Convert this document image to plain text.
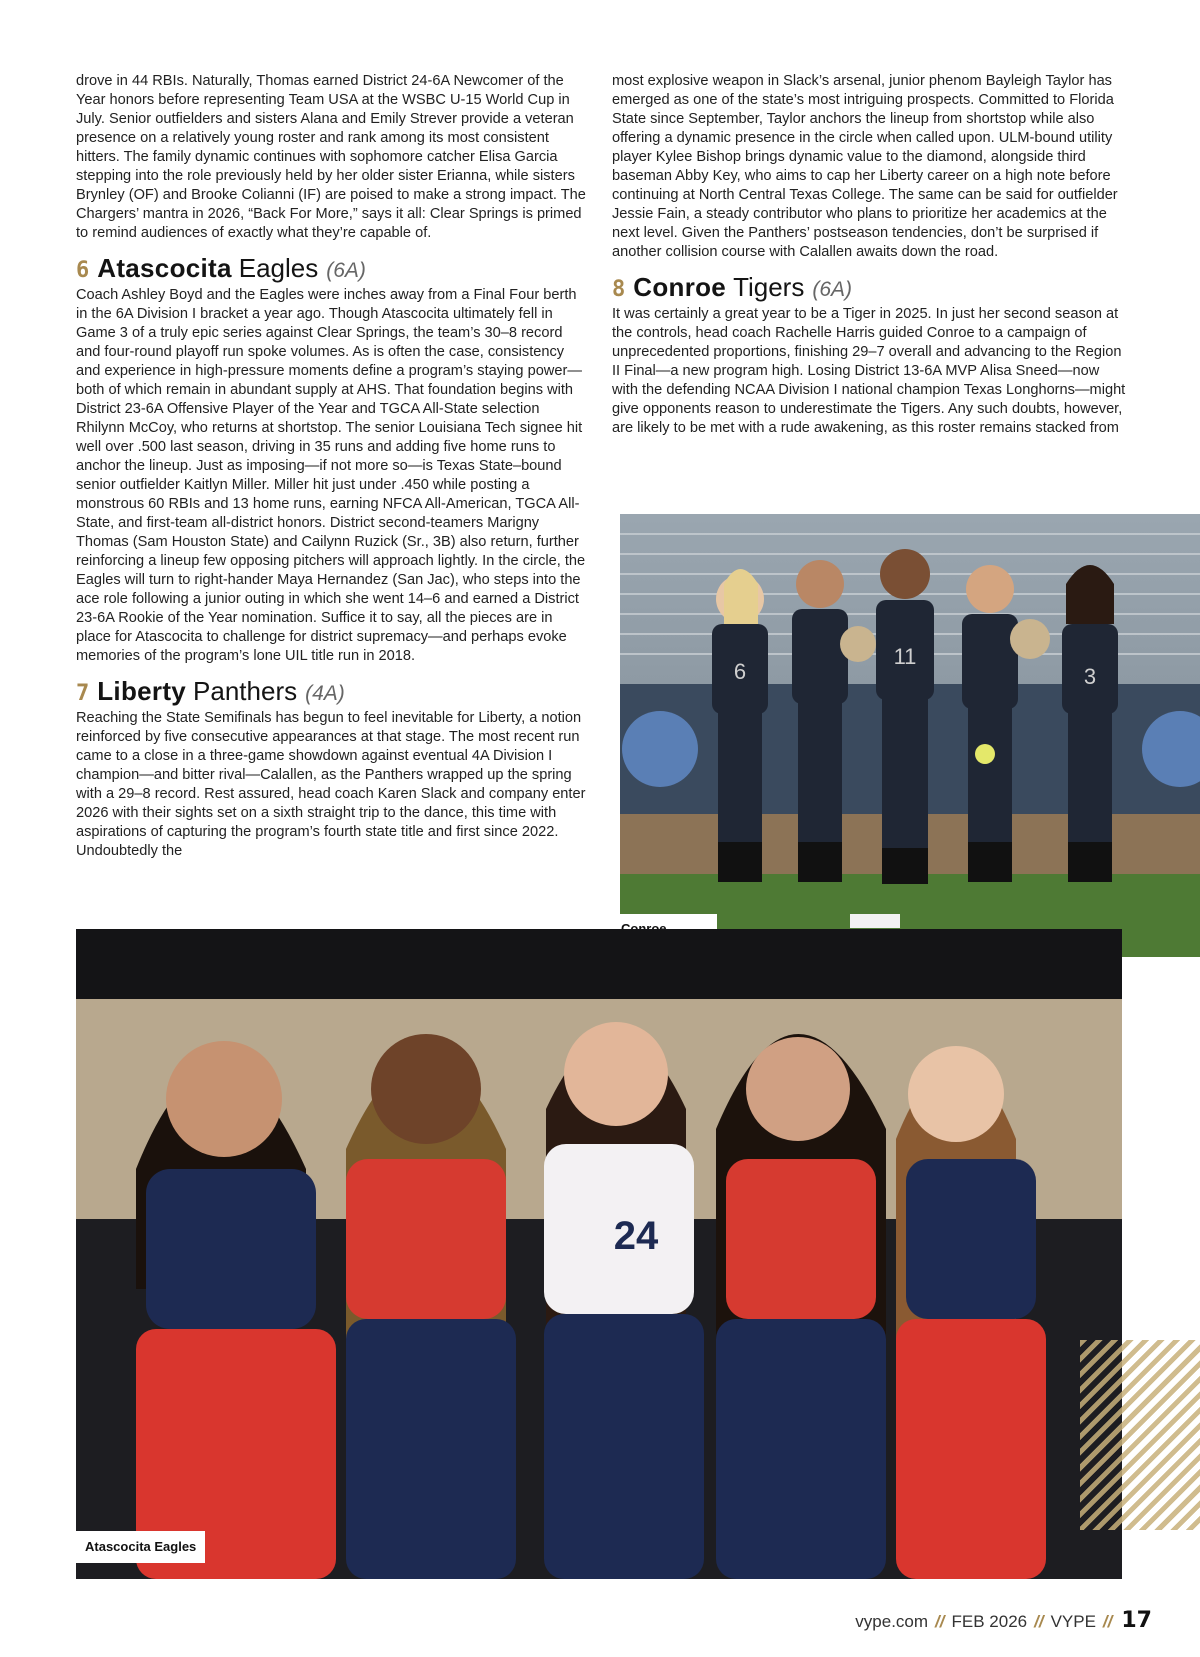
drove in 44 RBIs. Naturally, Thomas earned District 24-6A Newcomer of the Year honors before representing Team USA at the WSBC U-15 World Cup in July. Senior outfielders and sisters Alana and Emily Strever provide a veteran presence on a relatively young roster and rank among its most consistent hitters. The family dynamic continues with sophomore catcher Elisa Garcia stepping into the role previously held by her older sister Erianna, while sisters Brynley (OF) and Brooke Colianni (IF) are poised to make a strong impact. The Chargers’ mantra in 2026, “Back For More,” says it all: Clear Springs is primed to remind audiences of exactly what they’re capable of.

6 Atascocita Eagles (6A)

Coach Ashley Boyd and the Eagles were inches away from a Final Four berth in the 6A Division I bracket a year ago. Though Atascocita ultimately fell in Game 3 of a truly epic series against Clear Springs, the team’s 30–8 record and four-round playoff run spoke volumes. As is often the case, consistency and experience in high-pressure moments define a program’s staying power—both of which remain in abundant supply at AHS. That foundation begins with District 23-6A Offensive Player of the Year and TGCA All-State selection Rhilynn McCoy, who returns at shortstop. The senior Louisiana Tech signee hit well over .500 last season, driving in 35 runs and adding five home runs to anchor the lineup. Just as imposing—if not more so—is Texas State–bound senior outfielder Kaitlyn Miller. Miller hit just under .450 while posting a monstrous 60 RBIs and 13 home runs, earning NFCA All-American, TGCA All-State, and first-team all-district honors. District second-teamers Marigny Thomas (Sam Houston State) and Cailynn Ruzick (Sr., 3B) also return, further reinforcing a lineup few opposing pitchers will approach lightly. In the circle, the Eagles will turn to right-hander Maya Hernandez (San Jac), who steps into the ace role following a junior outing in which she went 14–6 and earned a District 23-6A Rookie of the Year nomination. Suffice it to say, all the pieces are in place for Atascocita to challenge for district supremacy—and perhaps evoke memories of the program’s lone UIL title run in 2018.

7 Liberty Panthers (4A)

Reaching the State Semifinals has begun to feel inevitable for Liberty, a notion reinforced by five consecutive appearances at that stage. The most recent run came to a close in a three-game showdown against eventual 4A Division I champion—and bitter rival—Calallen, as the Panthers wrapped up the spring with a 29–8 record. Rest assured, head coach Karen Slack and company enter 2026 with their sights set on a sixth straight trip to the dance, this time with aspirations of capturing the program’s fourth state title and first since 2022. Undoubtedly the

most explosive weapon in Slack’s arsenal, junior phenom Bayleigh Taylor has emerged as one of the state’s most intriguing prospects. Committed to Florida State since September, Taylor anchors the lineup from shortstop while also offering a dynamic presence in the circle when called upon. ULM-bound utility player Kylee Bishop brings dynamic value to the diamond, alongside third baseman Abby Key, who aims to cap her Liberty career on a high note before continuing at North Central Texas College. The same can be said for outfielder Jessie Fain, a steady contributor who plans to prioritize her academics at the next level. Given the Panthers’ postseason tendencies, don’t be surprised if another collision course with Calallen awaits down the road.

8 Conroe Tigers (6A)

It was certainly a great year to be a Tiger in 2025. In just her second season at the controls, head coach Rachelle Harris guided Conroe to a campaign of unprecedented proportions, finishing 29–7 overall and advancing to the Region II Final—a new program high. Losing District 13-6A MVP Alisa Sneed—now with the defending NCAA Division I national champion Texas Longhorns—might give opponents reason to underestimate the Tigers. Any such doubts, however, are likely to be met with a rude awakening, as this roster remains stacked from

6
11
3
24
Atascocita Eagles
vype.com // FEB 2026 // VYPE // 17
